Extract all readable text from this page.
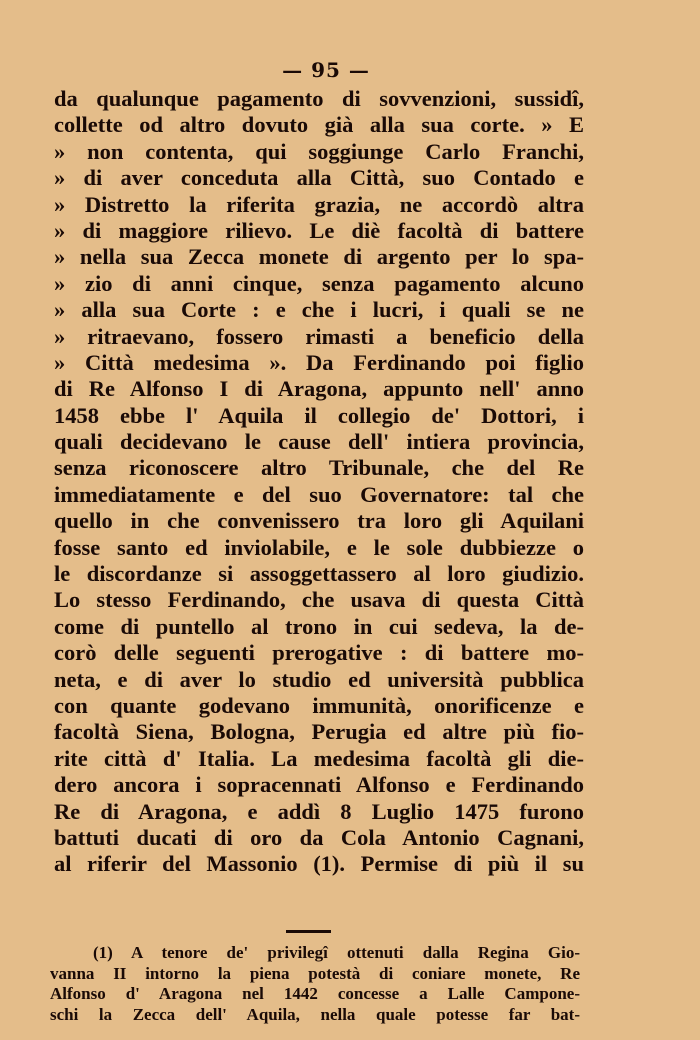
— 95 —
da qualunque pagamento di sovvenzioni, sussidî,
collette od altro dovuto già alla sua corte. » E
» non contenta, qui soggiunge Carlo Franchi,
» di aver conceduta alla Città, suo Contado e
» Distretto la riferita grazia, ne accordò altra
» di maggiore rilievo. Le diè facoltà di battere
» nella sua Zecca monete di argento per lo spa-
» zio di anni cinque, senza pagamento alcuno
» alla sua Corte : e che i lucri, i quali se ne
» ritraevano, fossero rimasti a beneficio della
» Città medesima ». Da Ferdinando poi figlio
di Re Alfonso I di Aragona, appunto nell' anno
1458 ebbe l' Aquila il collegio de' Dottori, i
quali decidevano le cause dell' intiera provincia,
senza riconoscere altro Tribunale, che del Re
immediatamente e del suo Governatore: tal che
quello in che convenissero tra loro gli Aquilani
fosse santo ed inviolabile, e le sole dubbiezze o
le discordanze si assoggettassero al loro giudizio.
Lo stesso Ferdinando, che usava di questa Città
come di puntello al trono in cui sedeva, la de-
corò delle seguenti prerogative : di battere mo-
neta, e di aver lo studio ed università pubblica
con quante godevano immunità, onorificenze e
facoltà Siena, Bologna, Perugia ed altre più fio-
rite città d' Italia. La medesima facoltà gli die-
dero ancora i sopracennati Alfonso e Ferdinando
Re di Aragona, e addì 8 Luglio 1475 furono
battuti ducati di oro da Cola Antonio Cagnani,
al riferir del Massonio (1). Permise di più il su
(1) A tenore de' privilegî ottenuti dalla Regina Gio-
vanna II intorno la piena potestà di coniare monete, Re
Alfonso d' Aragona nel 1442 concesse a Lalle Campone-
schi la Zecca dell' Aquila, nella quale potesse far bat-
